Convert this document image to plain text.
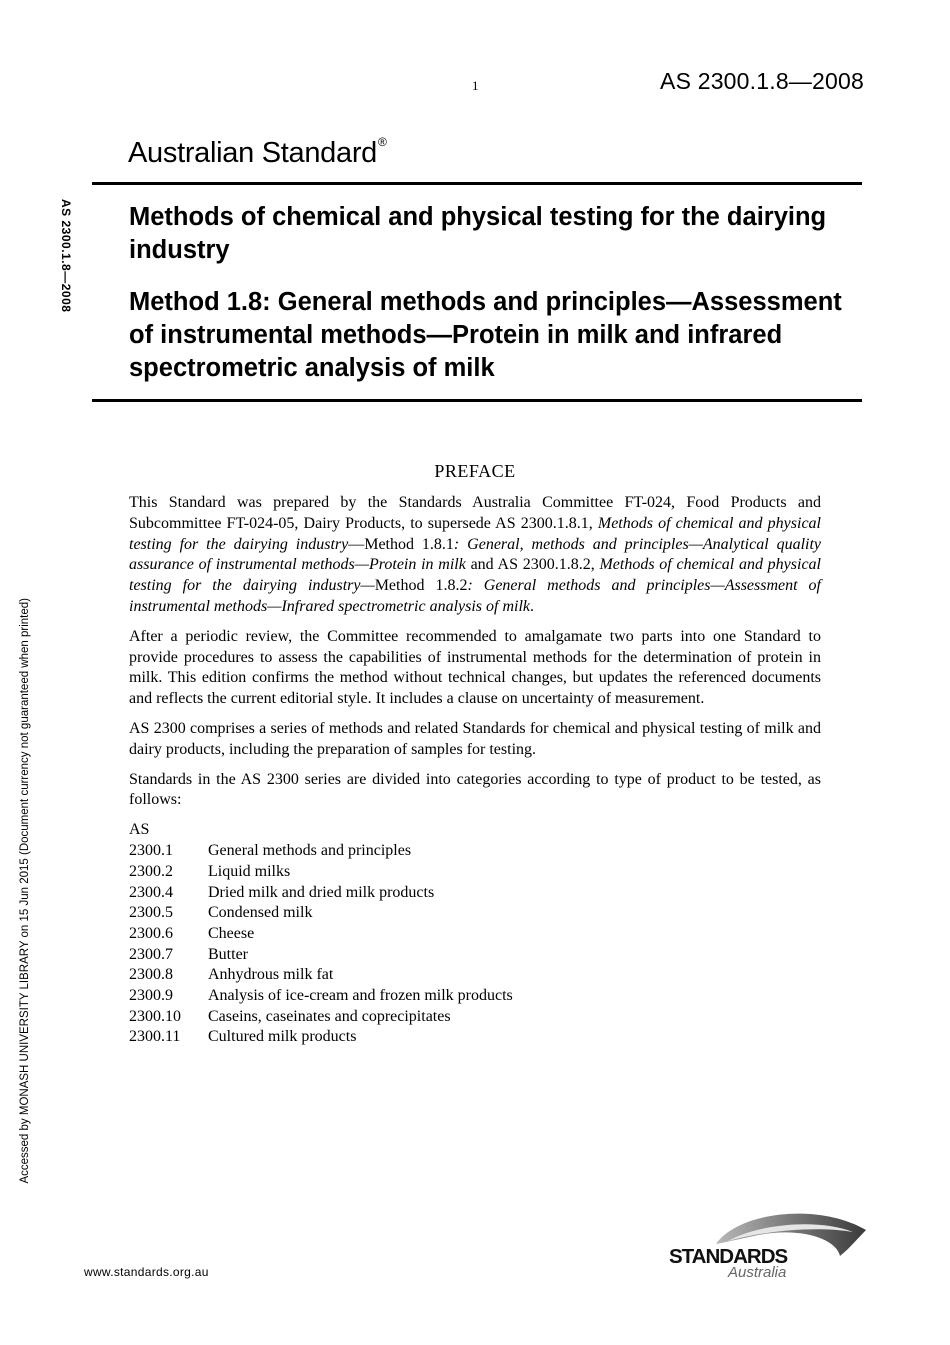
1	AS 2300.1.8—2008
Australian Standard®
AS 2300.1.8—2008
Accessed by MONASH UNIVERSITY LIBRARY on 15 Jun 2015 (Document currency not guaranteed when printed)
Methods of chemical and physical testing for the dairying industry
Method 1.8: General methods and principles—Assessment of instrumental methods—Protein in milk and infrared spectrometric analysis of milk
PREFACE

This Standard was prepared by the Standards Australia Committee FT-024, Food Products and Subcommittee FT-024-05, Dairy Products, to supersede AS 2300.1.8.1, Methods of chemical and physical testing for the dairying industry—Method 1.8.1: General, methods and principles—Analytical quality assurance of instrumental methods—Protein in milk and AS 2300.1.8.2, Methods of chemical and physical testing for the dairying industry—Method 1.8.2: General methods and principles—Assessment of instrumental methods—Infrared spectrometric analysis of milk.

After a periodic review, the Committee recommended to amalgamate two parts into one Standard to provide procedures to assess the capabilities of instrumental methods for the determination of protein in milk. This edition confirms the method without technical changes, but updates the referenced documents and reflects the current editorial style. It includes a clause on uncertainty of measurement.

AS 2300 comprises a series of methods and related Standards for chemical and physical testing of milk and dairy products, including the preparation of samples for testing.

Standards in the AS 2300 series are divided into categories according to type of product to be tested, as follows:

AS
2300.1	General methods and principles
2300.2	Liquid milks
2300.4	Dried milk and dried milk products
2300.5	Condensed milk
2300.6	Cheese
2300.7	Butter
2300.8	Anhydrous milk fat
2300.9	Analysis of ice-cream and frozen milk products
2300.10	Caseins, caseinates and coprecipitates
2300.11	Cultured milk products
www.standards.org.au
STANDARDS
Australia
